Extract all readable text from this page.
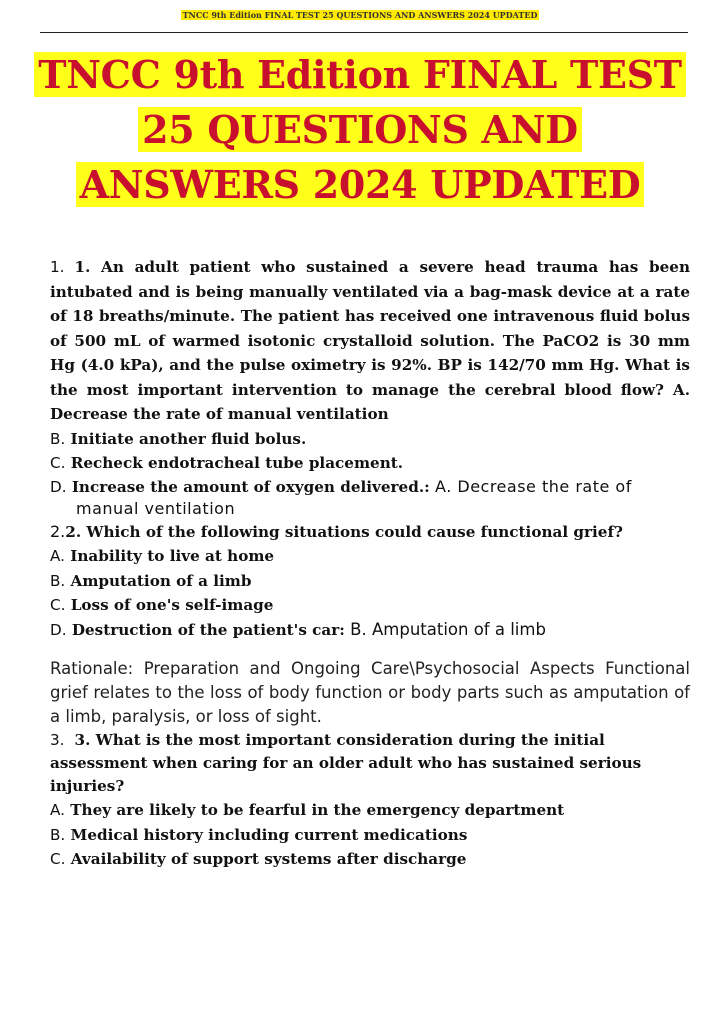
TNCC 9th Edition FINAL TEST 25 QUESTIONS AND ANSWERS 2024 UPDATED
TNCC 9th Edition FINAL TEST
25 QUESTIONS AND
ANSWERS 2024 UPDATED

1. 1. An adult patient who sustained a severe head trauma has been intubated and is being manually ventilated via a bag-mask device at a rate of 18 breaths/minute. The patient has received one intravenous fluid bolus of 500 mL of warmed isotonic crystalloid solution. The PaCO2 is 30 mm Hg (4.0 kPa), and the pulse oximetry is 92%. BP is 142/70 mm Hg. What is the most important intervention to manage the cerebral blood flow? A. Decrease the rate of manual ventilation

B. Initiate another fluid bolus.

C. Recheck endotracheal tube placement.

D. Increase the amount of oxygen delivered.: A. Decrease the rate of manual ventilation

2.2. Which of the following situations could cause functional grief?

A. Inability to live at home

B. Amputation of a limb

C. Loss of one's self-image

D. Destruction of the patient's car: B. Amputation of a limb

Rationale: Preparation and Ongoing Care\Psychosocial Aspects Functional grief relates to the loss of body function or body parts such as amputation of a limb, paralysis, or loss of sight.

3. 3. What is the most important consideration during the initial assessment when caring for an older adult who has sustained serious injuries?

A. They are likely to be fearful in the emergency department

B. Medical history including current medications

C. Availability of support systems after discharge
